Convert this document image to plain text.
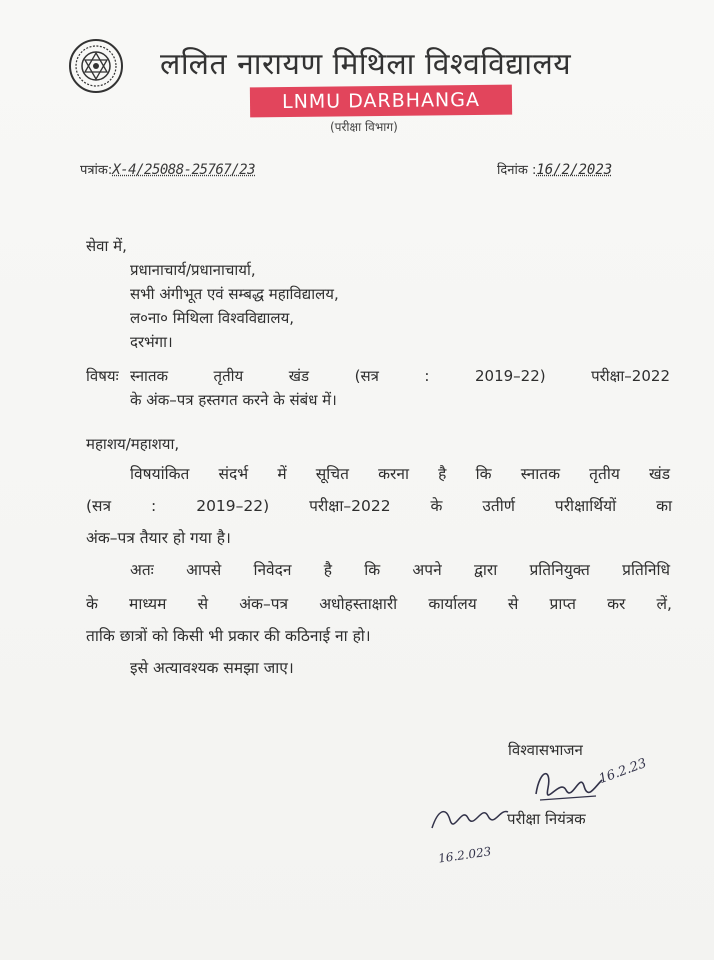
ललित नारायण मिथिला विश्वविद्यालय
LNMU DARBHANGA
(परीक्षा विभाग)
पत्रांक:X-4/25088-25767/23	दिनांक :16/2/2023
सेवा में,
प्रधानाचार्य/प्रधानाचार्या,
सभी अंगीभूत एवं सम्बद्ध महाविद्यालय,
ल०ना० मिथिला विश्वविद्यालय,
दरभंगा।
विषयः स्नातक तृतीय खंड (सत्र : 2019–22) परीक्षा–2022
के अंक–पत्र हस्तगत करने के संबंध में।
महाशय/महाशया,
विषयांकित संदर्भ में सूचित करना है कि स्नातक तृतीय खंड
(सत्र : 2019–22) परीक्षा–2022 के उतीर्ण परीक्षार्थियों का
अंक–पत्र तैयार हो गया है।
अतः आपसे निवेदन है कि अपने द्वारा प्रतिनियुक्त प्रतिनिधि
के माध्यम से अंक–पत्र अधोहस्ताक्षारी कार्यालय से प्राप्त कर लें,
ताकि छात्रों को किसी भी प्रकार की कठिनाई ना हो।
इसे अत्यावश्यक समझा जाए।
विश्वासभाजन
16.2.23
परीक्षा नियंत्रक
16.2.023
